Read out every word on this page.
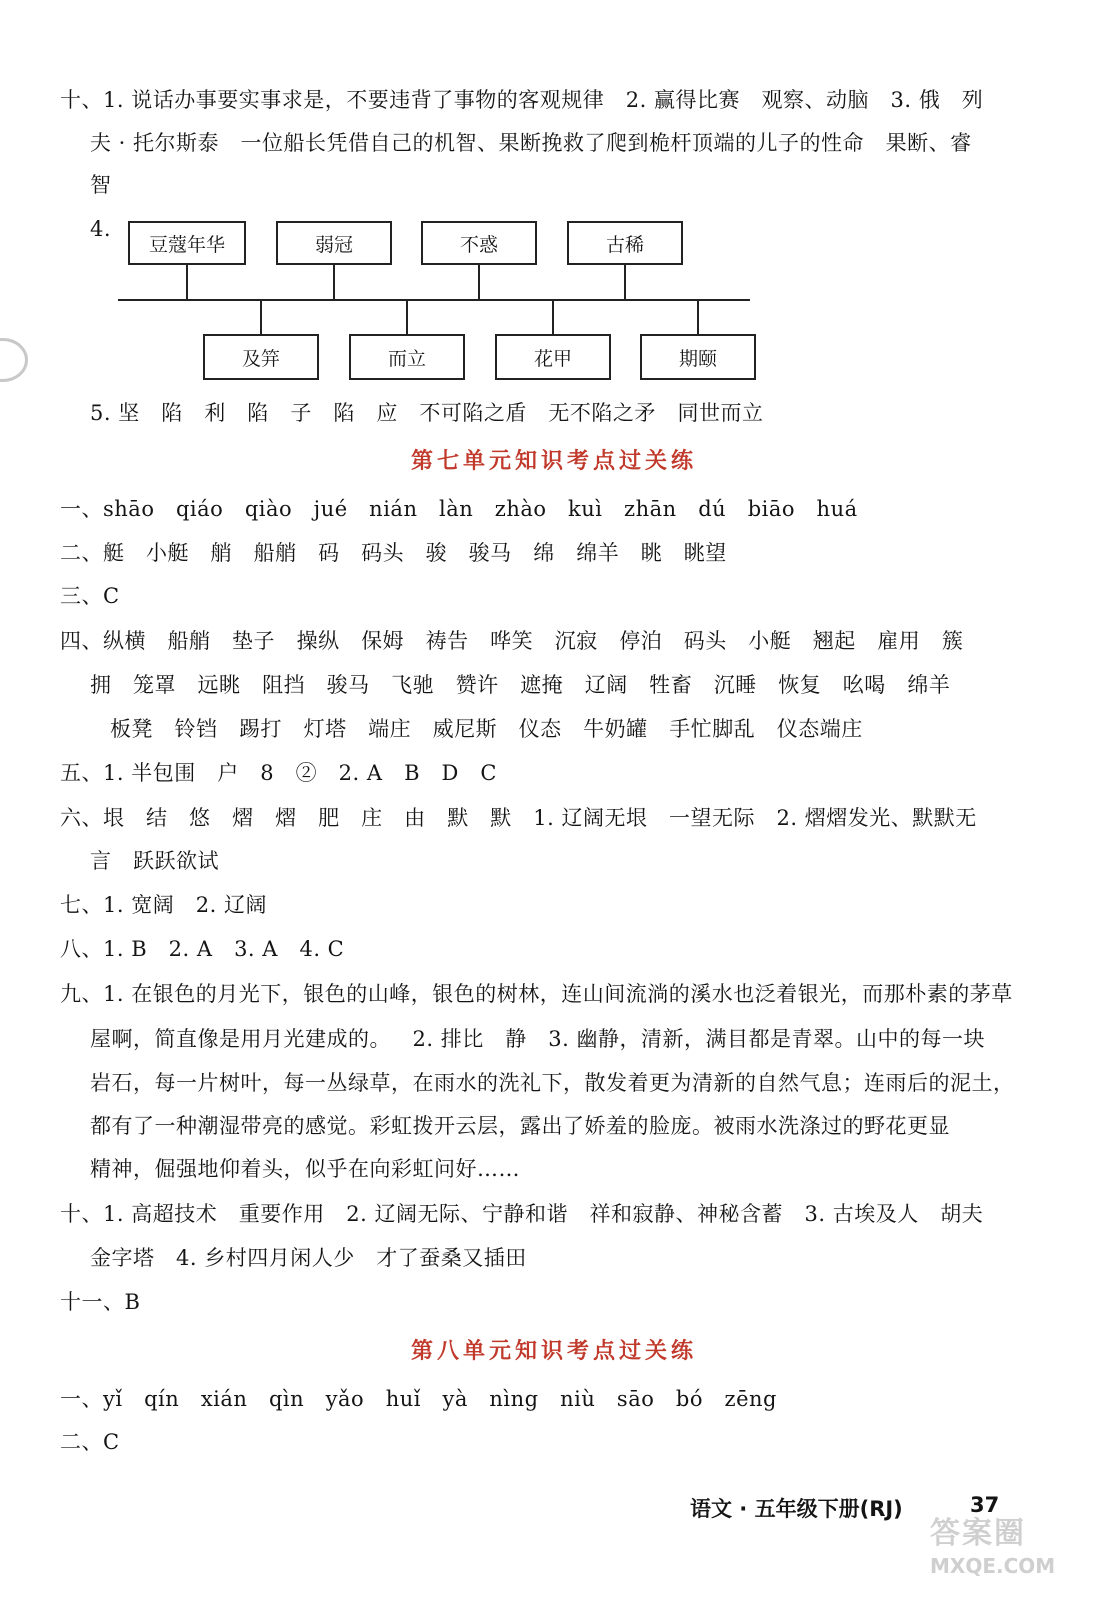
十、1. 说话办事要实事求是，不要违背了事物的客观规律   2. 赢得比赛   观察、动脑   3. 俄   列
夫 · 托尔斯泰   一位船长凭借自己的机智、果断挽救了爬到桅杆顶端的儿子的性命   果断、睿
智
4.
豆蔻年华	弱冠	不惑	古稀
及笄	而立	花甲	期颐
5. 坚   陷   利   陷   子   陷   应   不可陷之盾   无不陷之矛   同世而立
第七单元知识考点过关练
一、shāo   qiáo   qiào   jué   nián   làn   zhào   kuì   zhān   dú   biāo   huá
二、艇   小艇   艄   船艄   码   码头   骏   骏马   绵   绵羊   眺   眺望
三、C
四、纵横   船艄   垫子   操纵   保姆   祷告   哗笑   沉寂   停泊   码头   小艇   翘起   雇用   簇
拥   笼罩   远眺   阻挡   骏马   飞驰   赞许   遮掩   辽阔   牲畜   沉睡   恢复   吆喝   绵羊
板凳   铃铛   踢打   灯塔   端庄   威尼斯   仪态   牛奶罐   手忙脚乱   仪态端庄
五、1. 半包围   户   8   ②   2. A   B   D   C
六、垠   结   悠   熠   熠   肥   庄   由   默   默   1. 辽阔无垠   一望无际   2. 熠熠发光、默默无
言   跃跃欲试
七、1. 宽阔   2. 辽阔
八、1. B   2. A   3. A   4. C
九、1. 在银色的月光下，银色的山峰，银色的树林，连山间流淌的溪水也泛着银光，而那朴素的茅草
屋啊，简直像是用月光建成的。   2. 排比   静   3. 幽静，清新，满目都是青翠。山中的每一块
岩石，每一片树叶，每一丛绿草，在雨水的洗礼下，散发着更为清新的自然气息；连雨后的泥土，
都有了一种潮湿带亮的感觉。彩虹拨开云层，露出了娇羞的脸庞。被雨水洗涤过的野花更显
精神，倔强地仰着头，似乎在向彩虹问好……
十、1. 高超技术   重要作用   2. 辽阔无际、宁静和谐   祥和寂静、神秘含蓄   3. 古埃及人   胡夫
金字塔   4. 乡村四月闲人少   才了蚕桑又插田
十一、B
第八单元知识考点过关练
一、yǐ   qín   xián   qìn   yǎo   huǐ   yà   nìng   niù   sāo   bó   zēng
二、C
语文 · 五年级下册(RJ)	37
答案圈
MXQE.COM
